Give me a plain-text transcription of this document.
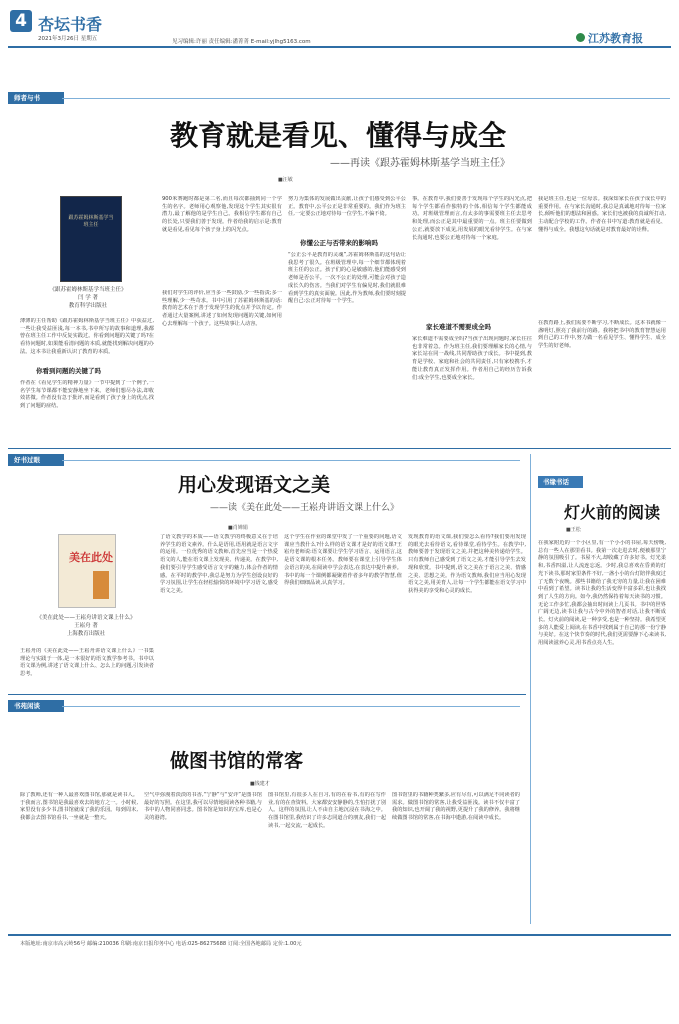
4 杏坛书香
2021年3月26日 星期五	见习编辑:许丽 责任编辑:潘菁菁 E-mail:yjlhg5163.com	江苏教育报
师者与书
教育就是看见、懂得与成全
——再读《跟苏霍姆林斯基学当班主任》
■汪敏
跟苏霍姆林斯基学当班主任
《跟苏霍姆林斯基学当班主任》
闫 学 著
教育科学出版社
薄薄的主任帮助《跟苏霍姆林斯基学当班主任》中获益过,一些让我受益匪浅,每一本书,书中所写的故事和道理,我都曾在班主任工作中反复实践过。你看到问题的关键了吗?在看待问题时,如果能看清问题的本质,就能找到解决问题的办法。这本书让我重新认识了教育的本质。
你看到问题的关键了吗
作者在《看见学生的精神力量》一节中提到了一个例子,一名学生每节课都不能安静地坐下来。老师们想尽办法,却收效甚微。作者没有急于批评,而是看到了孩子身上的优点,找到了问题的症结。
900米赛跑时都是第二名,而且每次都抽到同一个学生的名字。老师用心观察他,发现这个学生其实很有潜力,最了解他的是学生自己。我相信学生都有自己的长处,只要我们善于发现。作者给我的启示是:教育就是看见,看见每个孩子身上的闪光点。
我们对学生的评价,应当多一些鼓励,少一些指责;多一些理解,少一些苛求。书中引用了苏霍姆林斯基的话:教育的艺术在于善于发现学生的优点并予以肯定。作者通过大量案例,讲述了如何发现问题的关键,如何用心去理解每一个孩子。这些故事让人动容。
努力为集体的发展做出贡献,让孩子们感受到公平公正。教育中,公平公正是非常重要的。我们作为班主任,一定要公正地对待每一位学生,不偏不倚。
你懂公正与否带来的影响吗
“公正公平是教育的灵魂”,苏霍姆林斯基的这句话让我思考了很久。在班级管理中,每一个细节都体现着班主任的公正。孩子们的心是敏感的,他们能感受到老师是否公平。一次不公正的处理,可能会对孩子造成长久的伤害。当我们对学生有偏见时,我们就很难看到学生的真实面貌。因此,作为教师,我们要时刻提醒自己:公正对待每一个学生。
事。在教育中,我们要善于发现每个学生的闪光点,把每个学生都看作独特的个体,相信每个学生都能成功。对班级管理而言,有太多的事需要班主任去思考和处理,而公正是其中最重要的一点。班主任要做到公正,就要放下成见,用发展的眼光看待学生。在与家长沟通时,也要公正地对待每一个家庭。
家长难道不需要成全吗
家长难道不需要成全吗?当孩子出现问题时,家长往往也非常着急。作为班主任,我们要理解家长的心情,与家长站在同一战线,共同帮助孩子成长。书中提到,教育是学校、家庭和社会的共同责任,只有家校携手,才能让教育真正发挥作用。作者用自己的经历告诉我们:成全学生,也要成全家长。
我是班主任,也是一位母亲。我深知家长在孩子成长中的重要作用。在与家长沟通时,我总是真诚地对待每一位家长,倾听他们的想法和困惑。家长们也被我的真诚所打动,主动配合学校的工作。作者在书中写道:教育就是看见、懂得与成全。我想这句话就是对教育最好的诠释。
在教育路上,我们需要不断学习,不断成长。这本书就像一盏明灯,照亮了我前行的路。我将把书中的教育智慧运用到自己的工作中,努力做一名看见学生、懂得学生、成全学生的好老师。
好书过眼
用心发现语文之美
——读《美在此处——王崧舟讲语文课上什么》
■肖婵娟
美在此处
《美在此处——王崧舟讲语文课上什么》
王崧舟 著
上海教育出版社
王崧舟的《美在此处——王崧舟讲语文课上什么》一书集理论与实践于一体,是一本很好的语文教学参考书。书中以语文课为例,讲述了语文课上什么、怎么上的问题,引发读者思考。
了语文教学的本质——语文教学的终极意义在于培养学生的语文素养。什么是语用,语用就是语言文字的运用。一位优秀的语文教师,首先应当是一个热爱语文的人,能在语文课上发现美、传递美。在教学中,我们要引导学生感受语言文字的魅力,体会作者的情感。在平时的教学中,我总是努力为学生创设良好的学习氛围,让学生在轻松愉快的环境中学习语文,感受语文之美。
这个学生在作业的课堂中发了一个重要的问题,语文课应当教什么?什么样的语文课才是好的语文课?王崧舟老师说:语文课要让学生学习语言、运用语言,这是语文课的根本任务。教师要在课堂上引导学生体会语言的美,在阅读中学会表达,在表达中提升素养。书中的每一个课例都凝聚着作者多年的教学智慧,值得我们细细品读,认真学习。
发现教育的语文课,我们要怎么看待?我们要用发现的眼光去看待语文,看待课堂,看待学生。在教学中,教师要善于发现语文之美,并把这种美传递给学生。只有教师自己感受到了语文之美,才能引导学生去发现和欣赏。书中提到,语文之美在于语言之美、情感之美、思想之美。作为语文教师,我们应当用心发现语文之美,用美育人,让每一个学生都能在语文学习中获得美的享受和心灵的成长。
书缘书话
灯火前的阅读
■王松
在我家附近的一个小区里,有一个小小的书屋,每天傍晚,总有一些人在那里看书。我第一次走进去时,便被那里宁静的氛围吸引了。书屋不大,却收藏了许多好书。灯光柔和,书香四溢,让人流连忘返。少时,我总喜欢在昏黄的灯光下读书,那时家里条件不好,一盏小小的台灯陪伴我度过了无数个夜晚。那些书籍给了我无穷的力量,让我在困难中看到了希望。读书让我的生活变得丰富多彩,也让我找到了人生的方向。如今,我仍然保持着每天读书的习惯。无论工作多忙,我都会抽出时间读上几页书。书中的世界广阔无边,读书让我与古今中外的智者对话,让我不断成长。灯火前的阅读,是一种享受,也是一种坚持。我希望更多的人能爱上阅读,在书香中找到属于自己的那一份宁静与美好。在这个快节奏的时代,我们更需要静下心来读书,用阅读滋养心灵,用书香点亮人生。
书苑闲谈
做图书馆的常客
■钱建才
除了教师,还有一种人最喜欢图书馆,那就是读书人。于我而言,图书馆是我最喜欢去的地方之一。小时候,家里没有多少书,图书馆就成了我的乐园。每到周末,我都会去图书馆看书,一坐就是一整天。
空气中弥漫着淡淡的书香,“宁静”与“安详”是图书馆最好的写照。在这里,我可以尽情地阅读各种书籍,与书中的人物同喜同悲。图书馆是知识的宝库,也是心灵的港湾。
图书馆里,有很多人在自习,有的在看书,有的在写作业,有的在查资料。大家都安安静静的,生怕打扰了别人。这样的氛围,让人不由自主地沉浸在书海之中。在图书馆里,我结识了许多志同道合的朋友,我们一起读书,一起交流,一起成长。
图书馆里的书籍种类繁多,应有尽有,可以满足不同读者的需求。做图书馆的常客,让我受益匪浅。读书不仅丰富了我的知识,也开阔了我的视野,更提升了我的修养。我将继续做图书馆的常客,在书海中遨游,在阅读中成长。
本版地址:南京市高云岭56号 邮编:210036 印刷:南京日报印务中心 电话:025-86275688 订阅:全国各地邮局 定价:1.00元
